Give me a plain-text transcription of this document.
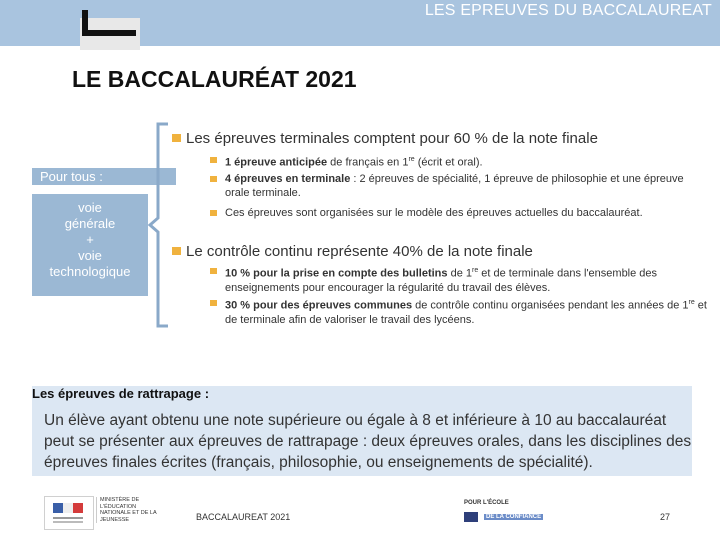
LES EPREUVES DU BACCALAUREAT
LE BACCALAURÉAT 2021
Pour tous :
voie
générale
+
voie
technologique
Les épreuves terminales comptent pour 60 % de la note finale
1 épreuve anticipée de français en 1re (écrit et oral).
4 épreuves en terminale : 2 épreuves de spécialité, 1 épreuve de philosophie et une épreuve orale terminale.
Ces épreuves sont organisées sur le modèle des épreuves actuelles du baccalauréat.
Le contrôle continu représente 40% de la note finale
10 % pour la prise en compte des bulletins de 1re et de terminale dans l'ensemble des enseignements pour encourager la régularité du travail des élèves.
30 % pour des épreuves communes de contrôle continu organisées pendant les années de 1re et de terminale afin de valoriser le travail des lycéens.
Les épreuves de rattrapage :
Un élève ayant obtenu une note supérieure ou égale à 8 et inférieure à 10 au baccalauréat peut se présenter aux épreuves de rattrapage : deux épreuves orales, dans les disciplines des épreuves finales écrites (français, philosophie, ou enseignements de spécialité).
MINISTÈRE DE L'ÉDUCATION NATIONALE ET DE LA JEUNESSE	BACCALAUREAT 2021
POUR L'ÉCOLE
DE LA CONFIANCE	27
